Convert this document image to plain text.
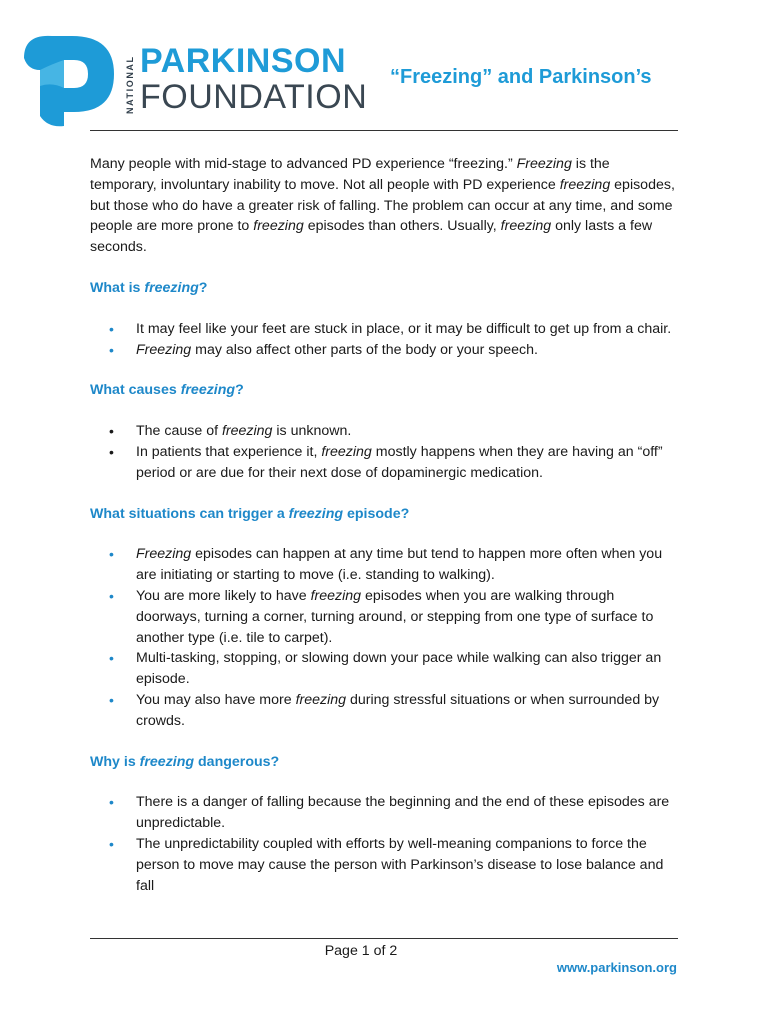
NATIONAL PARKINSON
FOUNDATION
“Freezing” and Parkinson’s

Many people with mid-stage to advanced PD experience “freezing.” Freezing is the temporary, involuntary inability to move. Not all people with PD experience freezing episodes, but those who do have a greater risk of falling. The problem can occur at any time, and some people are more prone to freezing episodes than others. Usually, freezing only lasts a few seconds.

What is freezing?
• It may feel like your feet are stuck in place, or it may be difficult to get up from a chair.
• Freezing may also affect other parts of the body or your speech.
What causes freezing?
• The cause of freezing is unknown.
• In patients that experience it, freezing mostly happens when they are having an “off” period or are due for their next dose of dopaminergic medication.
What situations can trigger a freezing episode?
• Freezing episodes can happen at any time but tend to happen more often when you are initiating or starting to move (i.e. standing to walking).
• You are more likely to have freezing episodes when you are walking through doorways, turning a corner, turning around, or stepping from one type of surface to another type (i.e. tile to carpet).
• Multi-tasking, stopping, or slowing down your pace while walking can also trigger an episode.
• You may also have more freezing during stressful situations or when surrounded by crowds.
Why is freezing dangerous?
• There is a danger of falling because the beginning and the end of these episodes are unpredictable.
• The unpredictability coupled with efforts by well-meaning companions to force the person to move may cause the person with Parkinson’s disease to lose balance and fall
Page 1 of 2
www.parkinson.org
